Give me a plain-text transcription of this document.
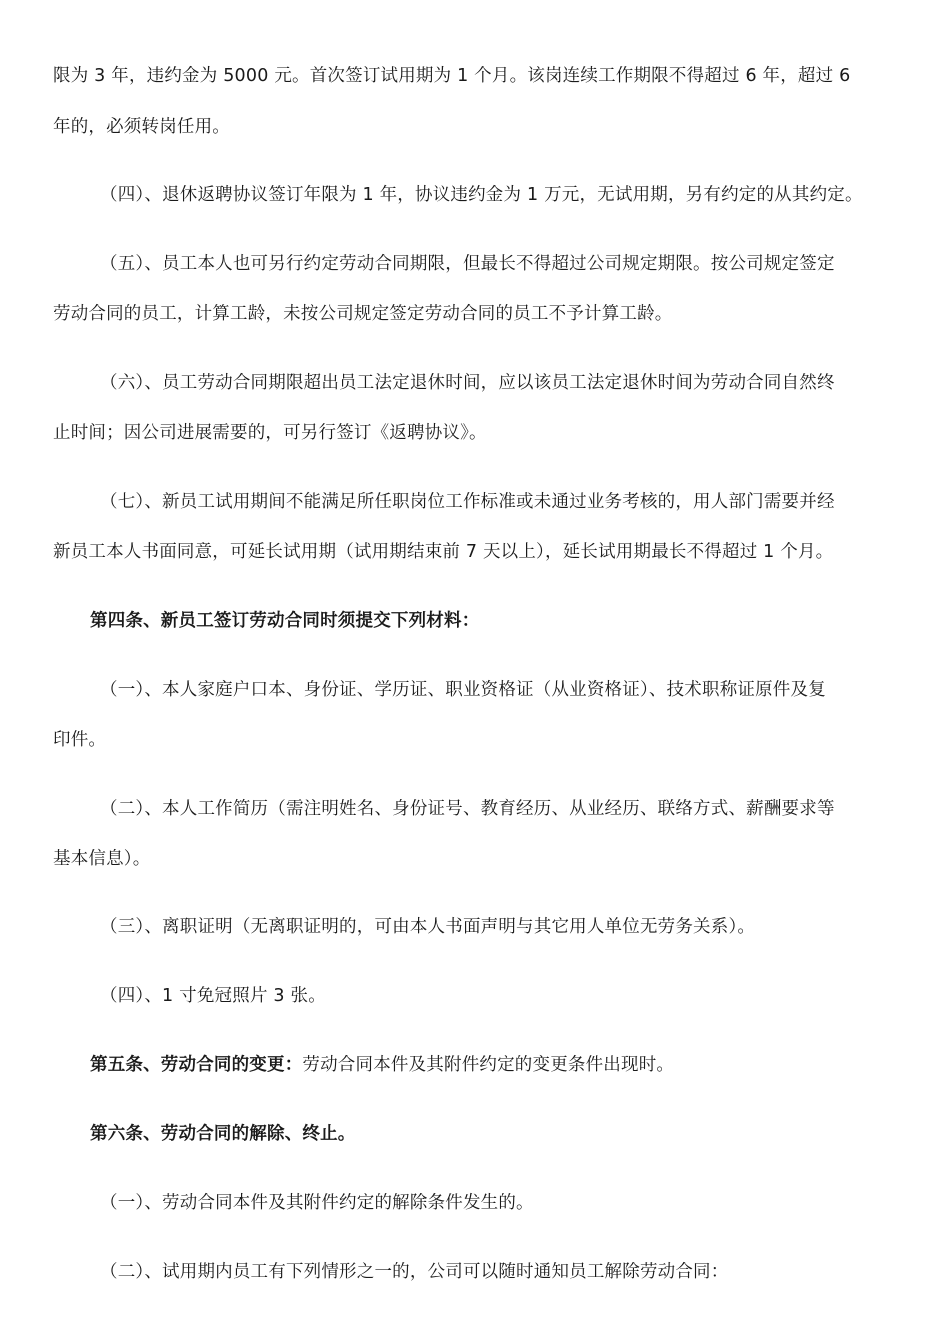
限为 3 年，违约金为 5000 元。首次签订试用期为 1 个月。该岗连续工作期限不得超过 6 年，超过 6
年的，必须转岗任用。
（四）、退休返聘协议签订年限为 1 年，协议违约金为 1 万元，无试用期，另有约定的从其约定。
（五）、员工本人也可另行约定劳动合同期限，但最长不得超过公司规定期限。按公司规定签定
劳动合同的员工，计算工龄，未按公司规定签定劳动合同的员工不予计算工龄。
（六）、员工劳动合同期限超出员工法定退休时间，应以该员工法定退休时间为劳动合同自然终
止时间；因公司进展需要的，可另行签订《返聘协议》。
（七）、新员工试用期间不能满足所任职岗位工作标准或未通过业务考核的，用人部门需要并经
新员工本人书面同意，可延长试用期（试用期结束前 7 天以上），延长试用期最长不得超过 1 个月。
第四条、新员工签订劳动合同时须提交下列材料：
（一）、本人家庭户口本、身份证、学历证、职业资格证（从业资格证）、技术职称证原件及复
印件。
（二）、本人工作简历（需注明姓名、身份证号、教育经历、从业经历、联络方式、薪酬要求等
基本信息）。
（三）、离职证明（无离职证明的，可由本人书面声明与其它用人单位无劳务关系）。
（四）、1 寸免冠照片 3 张。
第五条、劳动合同的变更：劳动合同本件及其附件约定的变更条件出现时。
第六条、劳动合同的解除、终止。
（一）、劳动合同本件及其附件约定的解除条件发生的。
（二）、试用期内员工有下列情形之一的，公司可以随时通知员工解除劳动合同：
